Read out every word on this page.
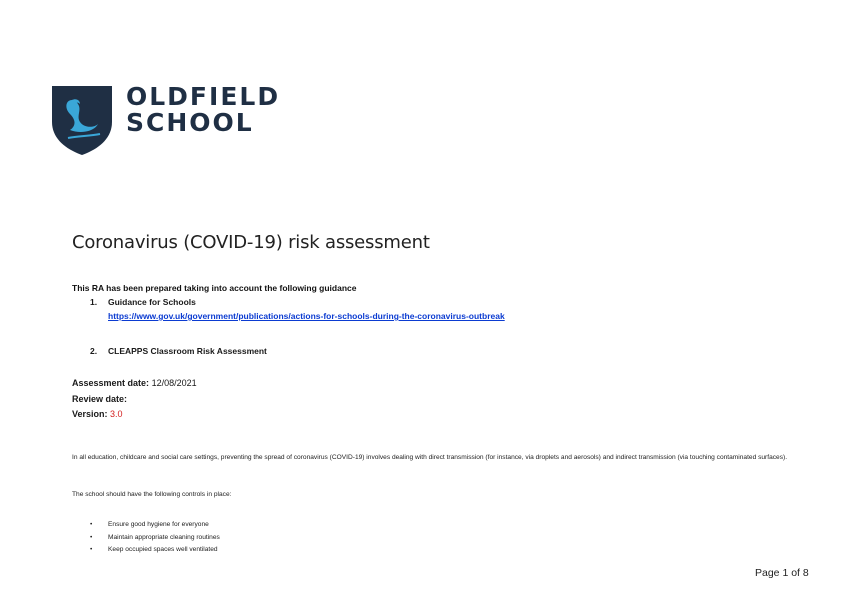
OLDFIELD
SCHOOL
Coronavirus (COVID-19) risk assessment
This RA has been prepared taking into account the following guidance
1. Guidance for Schools
https://www.gov.uk/government/publications/actions-for-schools-during-the-coronavirus-outbreak
2. CLEAPPS Classroom Risk Assessment
Assessment date: 12/08/2021
Review date:
Version: 3.0
In all education, childcare and social care settings, preventing the spread of coronavirus (COVID-19) involves dealing with direct transmission (for instance, via droplets and aerosols) and indirect transmission (via touching contaminated surfaces).
The school should have the following controls in place:
• Ensure good hygiene for everyone
• Maintain appropriate cleaning routines
• Keep occupied spaces well ventilated
Page 1 of 8
